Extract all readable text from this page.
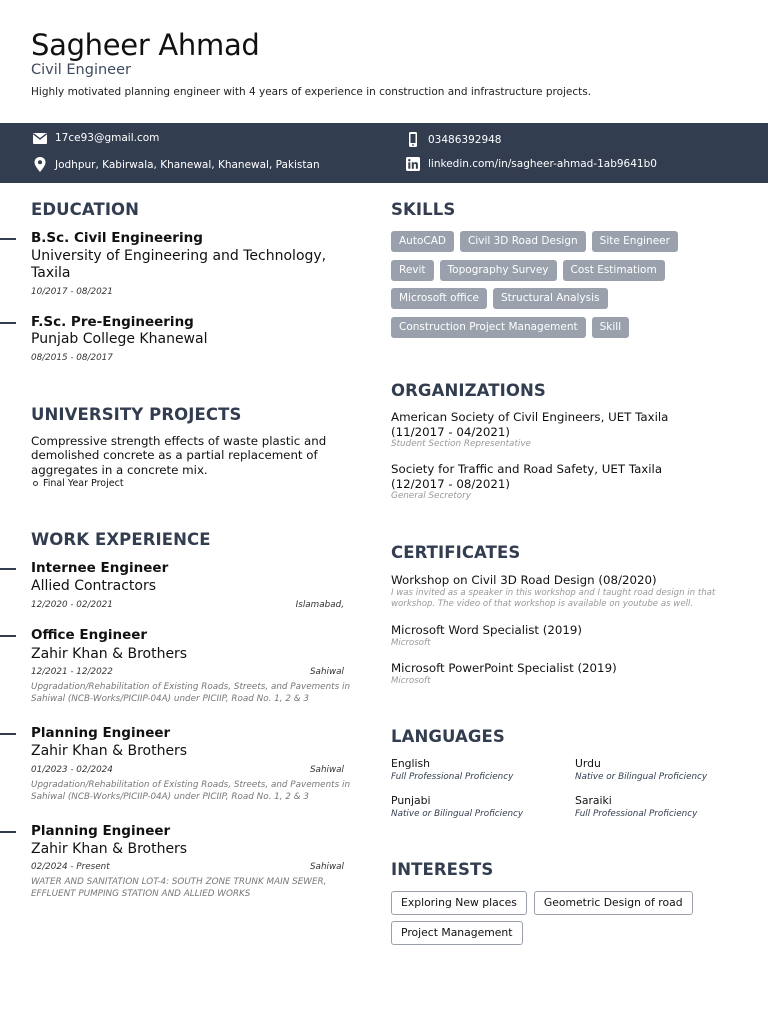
Sagheer Ahmad
Civil Engineer
Highly motivated planning engineer with 4 years of experience in construction and infrastructure projects.
17ce93@gmail.com	03486392948
Jodhpur, Kabirwala, Khanewal, Khanewal, Pakistan	linkedin.com/in/sagheer-ahmad-1ab9641b0
EDUCATION
B.Sc. Civil Engineering
University of Engineering and Technology, Taxila
10/2017 - 08/2021
F.Sc. Pre-Engineering
Punjab College Khanewal
08/2015 - 08/2017
UNIVERSITY PROJECTS
Compressive strength effects of waste plastic and demolished concrete as a partial replacement of aggregates in a concrete mix.
Final Year Project
WORK EXPERIENCE
Internee Engineer
Allied Contractors
12/2020 - 02/2021	Islamabad,
Office Engineer
Zahir Khan & Brothers
12/2021 - 12/2022	Sahiwal
Upgradation/Rehabilitation of Existing Roads, Streets, and Pavements in Sahiwal (NCB-Works/PICIIP-04A) under PICIIP, Road No. 1, 2 & 3
Planning Engineer
Zahir Khan & Brothers
01/2023 - 02/2024	Sahiwal
Upgradation/Rehabilitation of Existing Roads, Streets, and Pavements in Sahiwal (NCB-Works/PICIIP-04A) under PICIIP, Road No. 1, 2 & 3
Planning Engineer
Zahir Khan & Brothers
02/2024 - Present	Sahiwal
WATER AND SANITATION LOT-4: SOUTH ZONE TRUNK MAIN SEWER, EFFLUENT PUMPING STATION AND ALLIED WORKS
SKILLS
AutoCAD	Civil 3D Road Design	Site Engineer
Revit	Topography Survey	Cost Estimatiom
Microsoft office	Structural Analysis
Construction Project Management	Skill
ORGANIZATIONS
American Society of Civil Engineers, UET Taxila
(11/2017 - 04/2021)
Student Section Representative
Society for Traffic and Road Safety, UET Taxila
(12/2017 - 08/2021)
General Secretory
CERTIFICATES
Workshop on Civil 3D Road Design (08/2020)
I was invited as a speaker in this workshop and I taught road design in that workshop. The video of that workshop is available on youtube as well.
Microsoft Word Specialist (2019)
Microsoft
Microsoft PowerPoint Specialist (2019)
Microsoft
LANGUAGES
English
Full Professional Proficiency
Urdu
Native or Bilingual Proficiency
Punjabi
Native or Bilingual Proficiency
Saraiki
Full Professional Proficiency
INTERESTS
Exploring New places	Geometric Design of road
Project Management
